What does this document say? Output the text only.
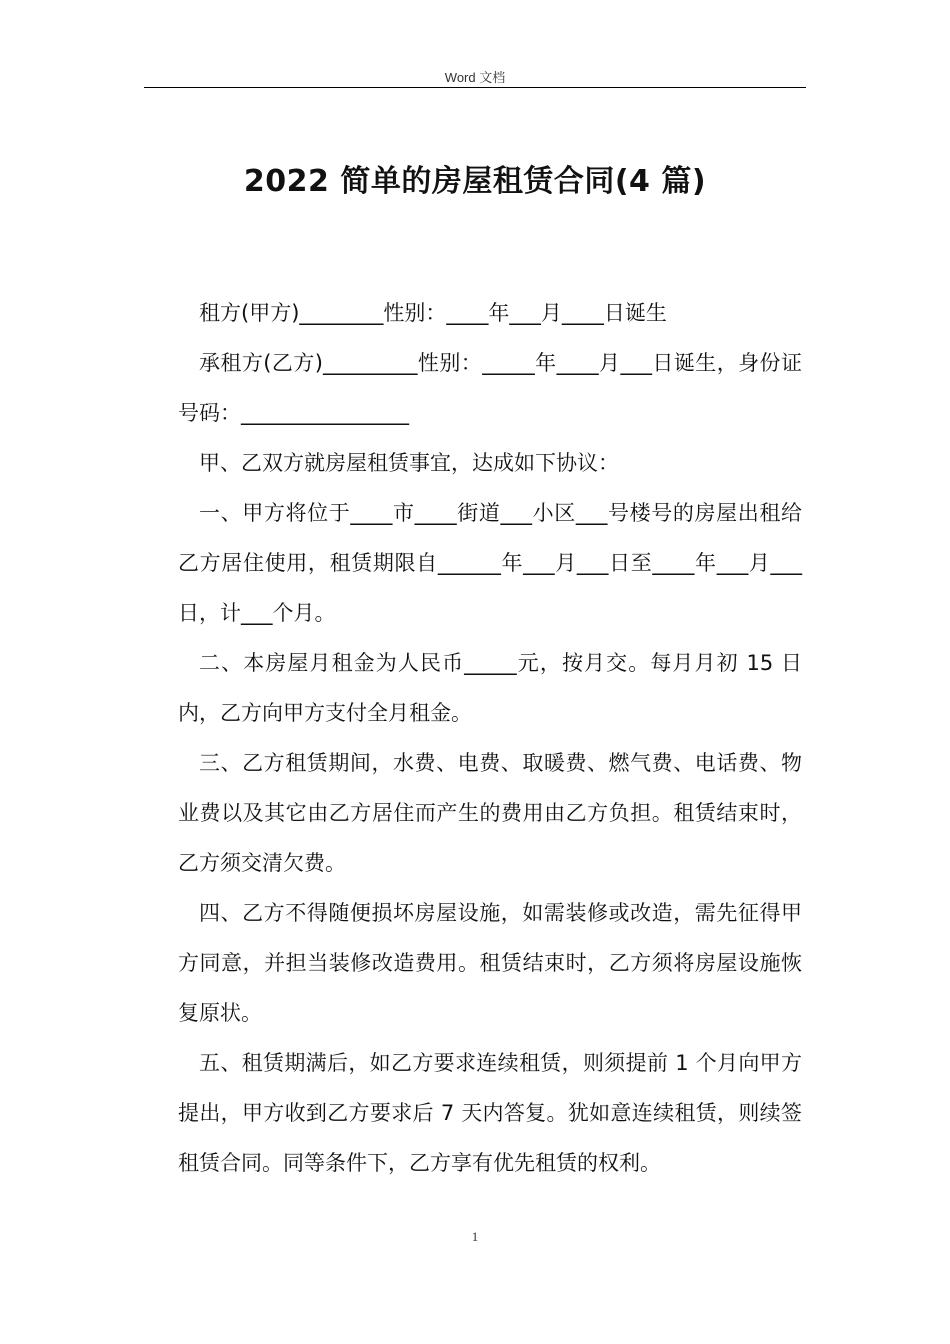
Word 文档
2022 简单的房屋租赁合同(4 篇)

租方(甲方)________性别：____年___月____日诞生

承租方(乙方)_________性别：_____年____月___日诞生，身份证号码：________________

甲、乙双方就房屋租赁事宜，达成如下协议：

一、甲方将位于____市____街道___小区___号楼号的房屋出租给乙方居住使用，租赁期限自______年___月___日至____年___月___日，计___个月。

二、本房屋月租金为人民币_____元，按月交。每月月初 15 日内，乙方向甲方支付全月租金。

三、乙方租赁期间，水费、电费、取暖费、燃气费、电话费、物业费以及其它由乙方居住而产生的费用由乙方负担。租赁结束时，乙方须交清欠费。

四、乙方不得随便损坏房屋设施，如需装修或改造，需先征得甲方同意，并担当装修改造费用。租赁结束时，乙方须将房屋设施恢复原状。

五、租赁期满后，如乙方要求连续租赁，则须提前 1 个月向甲方提出，甲方收到乙方要求后 7 天内答复。犹如意连续租赁，则续签租赁合同。同等条件下，乙方享有优先租赁的权利。

1
